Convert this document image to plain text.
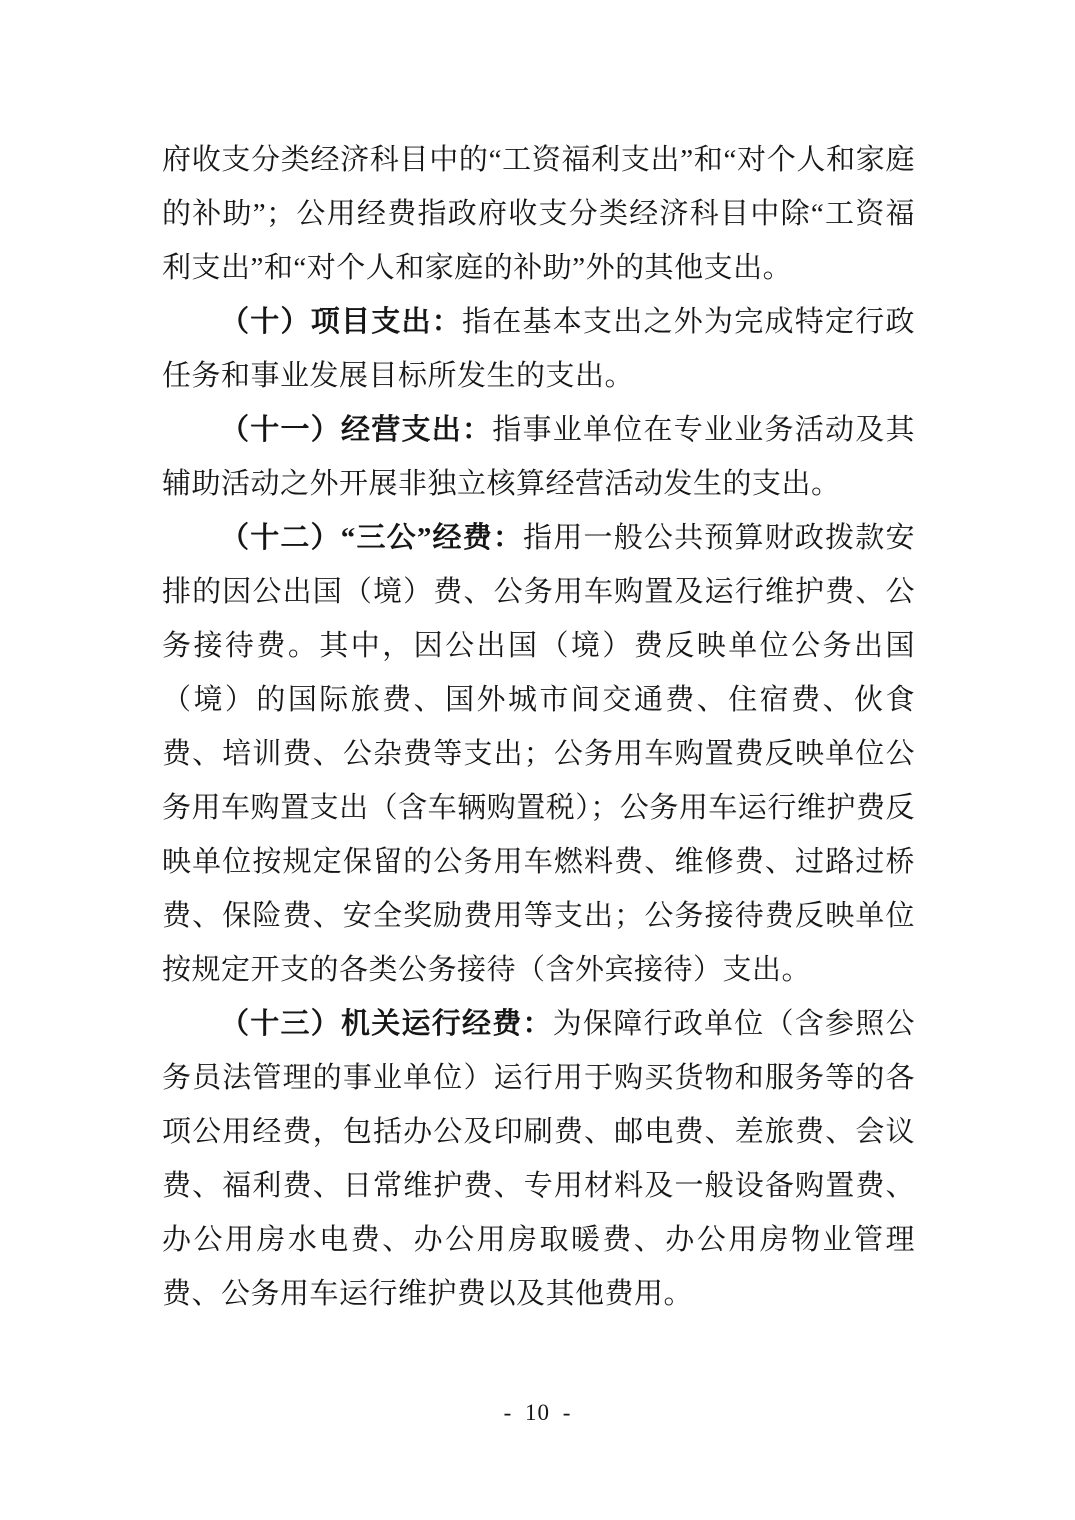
府收支分类经济科目中的“工资福利支出”和“对个人和家庭的补助”；公用经费指政府收支分类经济科目中除“工资福利支出”和“对个人和家庭的补助”外的其他支出。

（十）项目支出：指在基本支出之外为完成特定行政任务和事业发展目标所发生的支出。

（十一）经营支出：指事业单位在专业业务活动及其辅助活动之外开展非独立核算经营活动发生的支出。

（十二）“三公”经费：指用一般公共预算财政拨款安排的因公出国（境）费、公务用车购置及运行维护费、公务接待费。其中，因公出国（境）费反映单位公务出国（境）的国际旅费、国外城市间交通费、住宿费、伙食费、培训费、公杂费等支出；公务用车购置费反映单位公务用车购置支出（含车辆购置税）；公务用车运行维护费反映单位按规定保留的公务用车燃料费、维修费、过路过桥费、保险费、安全奖励费用等支出；公务接待费反映单位按规定开支的各类公务接待（含外宾接待）支出。

（十三）机关运行经费：为保障行政单位（含参照公务员法管理的事业单位）运行用于购买货物和服务等的各项公用经费，包括办公及印刷费、邮电费、差旅费、会议费、福利费、日常维护费、专用材料及一般设备购置费、办公用房水电费、办公用房取暖费、办公用房物业管理费、公务用车运行维护费以及其他费用。

- 10 -
